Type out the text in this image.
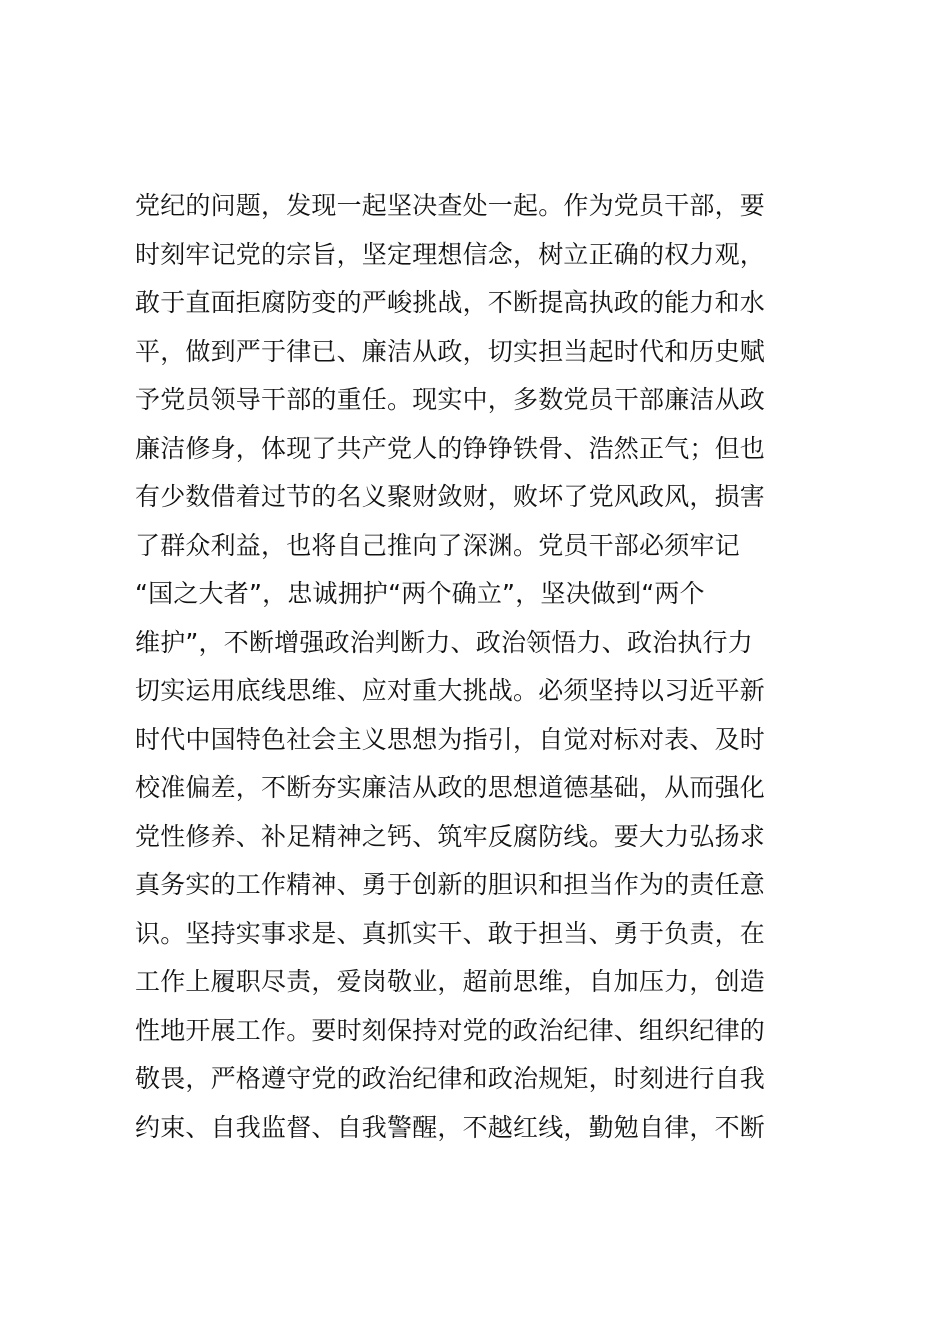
党纪的问题，发现一起坚决查处一起。作为党员干部，要
时刻牢记党的宗旨，坚定理想信念，树立正确的权力观，
敢于直面拒腐防变的严峻挑战，不断提高执政的能力和水
平，做到严于律已、廉洁从政，切实担当起时代和历史赋
予党员领导干部的重任。现实中，多数党员干部廉洁从政
廉洁修身，体现了共产党人的铮铮铁骨、浩然正气；但也
有少数借着过节的名义聚财敛财，败坏了党风政风，损害
了群众利益，也将自己推向了深渊。党员干部必须牢记
“国之大者”，忠诚拥护“两个确立”，坚决做到“两个
维护”，不断增强政治判断力、政治领悟力、政治执行力
切实运用底线思维、应对重大挑战。必须坚持以习近平新
时代中国特色社会主义思想为指引，自觉对标对表、及时
校准偏差，不断夯实廉洁从政的思想道德基础，从而强化
党性修养、补足精神之钙、筑牢反腐防线。要大力弘扬求
真务实的工作精神、勇于创新的胆识和担当作为的责任意
识。坚持实事求是、真抓实干、敢于担当、勇于负责，在
工作上履职尽责，爱岗敬业，超前思维，自加压力，创造
性地开展工作。要时刻保持对党的政治纪律、组织纪律的
敬畏，严格遵守党的政治纪律和政治规矩，时刻进行自我
约束、自我监督、自我警醒，不越红线，勤勉自律，不断
